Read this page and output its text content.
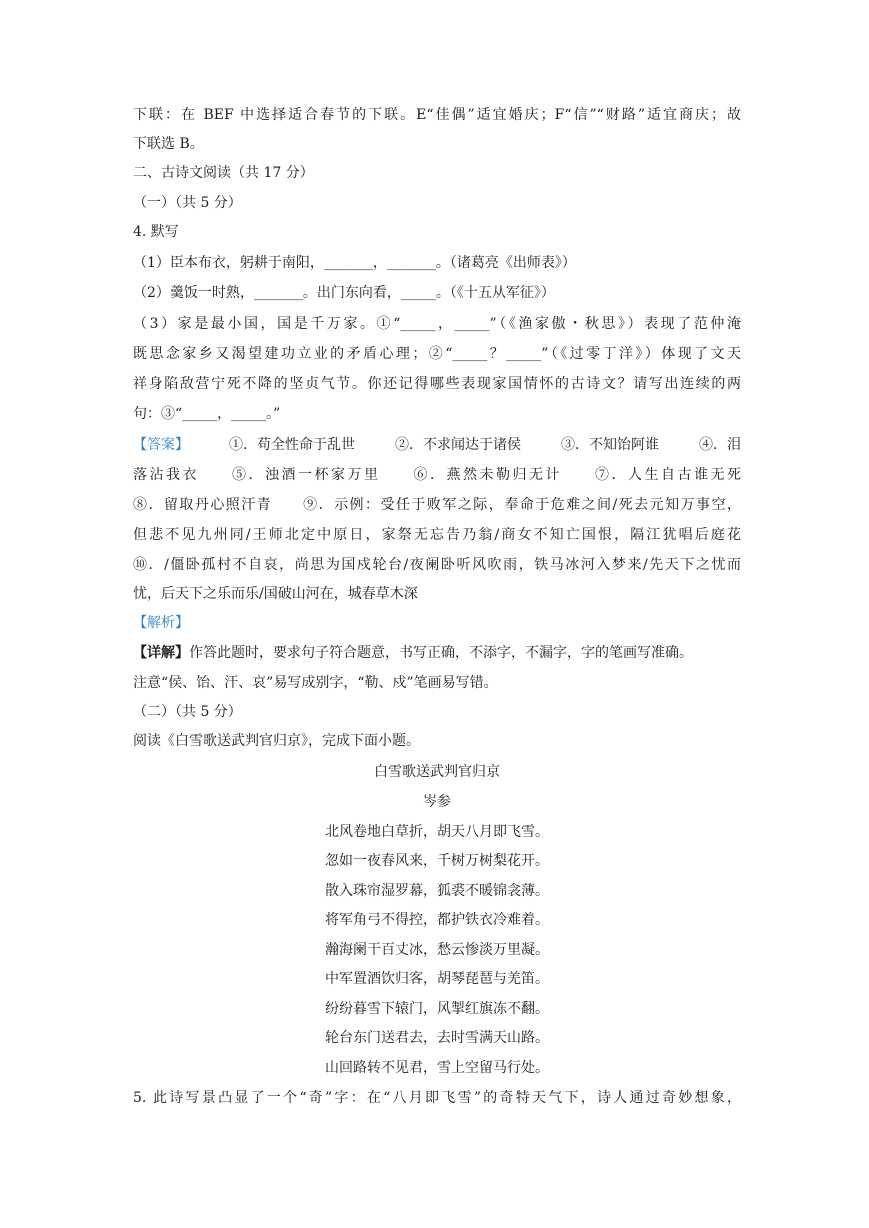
下联：在 BEF 中选择适合春节的下联。E“佳偶”适宜婚庆；F“信”“财路”适宜商庆；故
下联选 B。
二、古诗文阅读（共 17 分）
（一）（共 5 分）
4. 默写
（1）臣本布衣，躬耕于南阳，_______，_______。（诸葛亮《出师表》）
（2）羹饭一时熟，_______。出门东向看，_____。（《十五从军征》）
（3）家是最小国，国是千万家。①“_____，_____”（《渔家傲・秋思》）表现了范仲淹
既思念家乡又渴望建功立业的矛盾心理；②“_____？_____”（《过零丁洋》）体现了文天
祥身陷敌营宁死不降的坚贞气节。你还记得哪些表现家国情怀的古诗文？请写出连续的两
句：③“_____，_____。”
【答案】	①．苟全性命于乱世	②．不求闻达于诸侯	③．不知饴阿谁	④．泪
落沾我衣　　⑤．浊酒一杯家万里　　⑥．燕然未勒归无计　　⑦．人生自古谁无死
⑧．留取丹心照汗青　　⑨．示例：受任于败军之际，奉命于危难之间/死去元知万事空，
但悲不见九州同/王师北定中原日，家祭无忘告乃翁/商女不知亡国恨，隔江犹唱后庭花
⑩．/僵卧孤村不自哀，尚思为国戍轮台/夜阑卧听风吹雨，铁马冰河入梦来/先天下之忧而
忧，后天下之乐而乐/国破山河在，城春草木深
【解析】
【详解】作答此题时，要求句子符合题意，书写正确，不添字，不漏字，字的笔画写准确。
注意“侯、饴、汗、哀”易写成别字，“勒、戍”笔画易写错。
（二）（共 5 分）
阅读《白雪歌送武判官归京》，完成下面小题。
白雪歌送武判官归京
岑参
北风卷地白草折，胡天八月即飞雪。
忽如一夜春风来，千树万树梨花开。
散入珠帘湿罗幕，狐裘不暖锦衾薄。
将军角弓不得控，都护铁衣冷难着。
瀚海阑干百丈冰，愁云惨淡万里凝。
中军置酒饮归客，胡琴琵琶与羌笛。
纷纷暮雪下辕门，风掣红旗冻不翻。
轮台东门送君去，去时雪满天山路。
山回路转不见君，雪上空留马行处。
5. 此诗写景凸显了一个“奇”字：在“八月即飞雪”的奇特天气下，诗人通过奇妙想象，
